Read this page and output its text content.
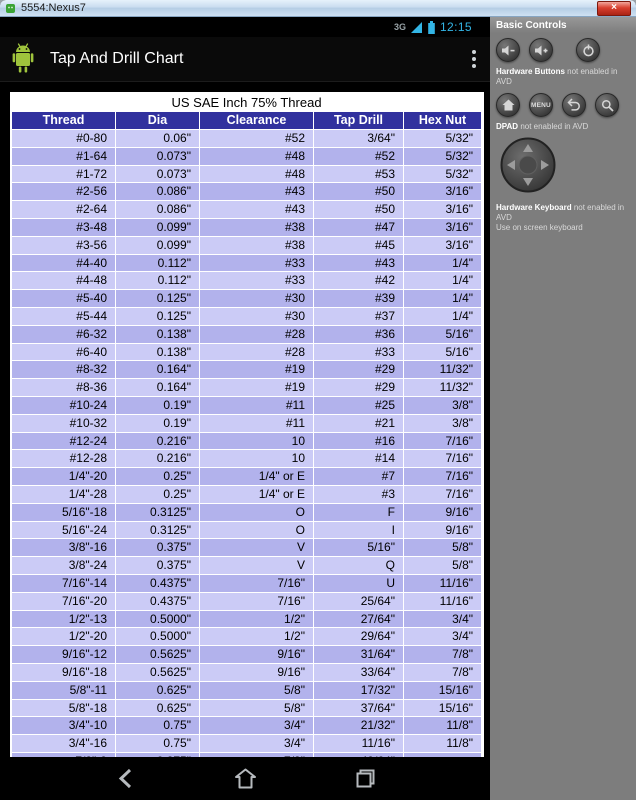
5554:Nexus7	×
3G	12:15
Tap And Drill Chart
US SAE Inch 75% Thread				
Thread	Dia	Clearance	Tap Drill	Hex Nut
#0-80	0.06"	#52	3/64"	5/32"
#1-64	0.073"	#48	#52	5/32"
#1-72	0.073"	#48	#53	5/32"
#2-56	0.086"	#43	#50	3/16"
#2-64	0.086"	#43	#50	3/16"
#3-48	0.099"	#38	#47	3/16"
#3-56	0.099"	#38	#45	3/16"
#4-40	0.112"	#33	#43	1/4"
#4-48	0.112"	#33	#42	1/4"
#5-40	0.125"	#30	#39	1/4"
#5-44	0.125"	#30	#37	1/4"
#6-32	0.138"	#28	#36	5/16"
#6-40	0.138"	#28	#33	5/16"
#8-32	0.164"	#19	#29	11/32"
#8-36	0.164"	#19	#29	11/32"
#10-24	0.19"	#11	#25	3/8"
#10-32	0.19"	#11	#21	3/8"
#12-24	0.216"	10	#16	7/16"
#12-28	0.216"	10	#14	7/16"
1/4"-20	0.25"	1/4" or E	#7	7/16"
1/4"-28	0.25"	1/4" or E	#3	7/16"
5/16"-18	0.3125"	O	F	9/16"
5/16"-24	0.3125"	O	I	9/16"
3/8"-16	0.375"	V	5/16"	5/8"
3/8"-24	0.375"	V	Q	5/8"
7/16"-14	0.4375"	7/16"	U	11/16"
7/16"-20	0.4375"	7/16"	25/64"	11/16"
1/2"-13	0.5000"	1/2"	27/64"	3/4"
1/2"-20	0.5000"	1/2"	29/64"	3/4"
9/16"-12	0.5625"	9/16"	31/64"	7/8"
9/16"-18	0.5625"	9/16"	33/64"	7/8"
5/8"-11	0.625"	5/8"	17/32"	15/16"
5/8"-18	0.625"	5/8"	37/64"	15/16"
3/4"-10	0.75"	3/4"	21/32"	11/8"
3/4"-16	0.75"	3/4"	11/16"	11/8"

Basic Controls
Hardware Buttons not enabled in AVD
MENU
DPAD not enabled in AVD
Hardware Keyboard not enabled in AVD
Use on screen keyboard
